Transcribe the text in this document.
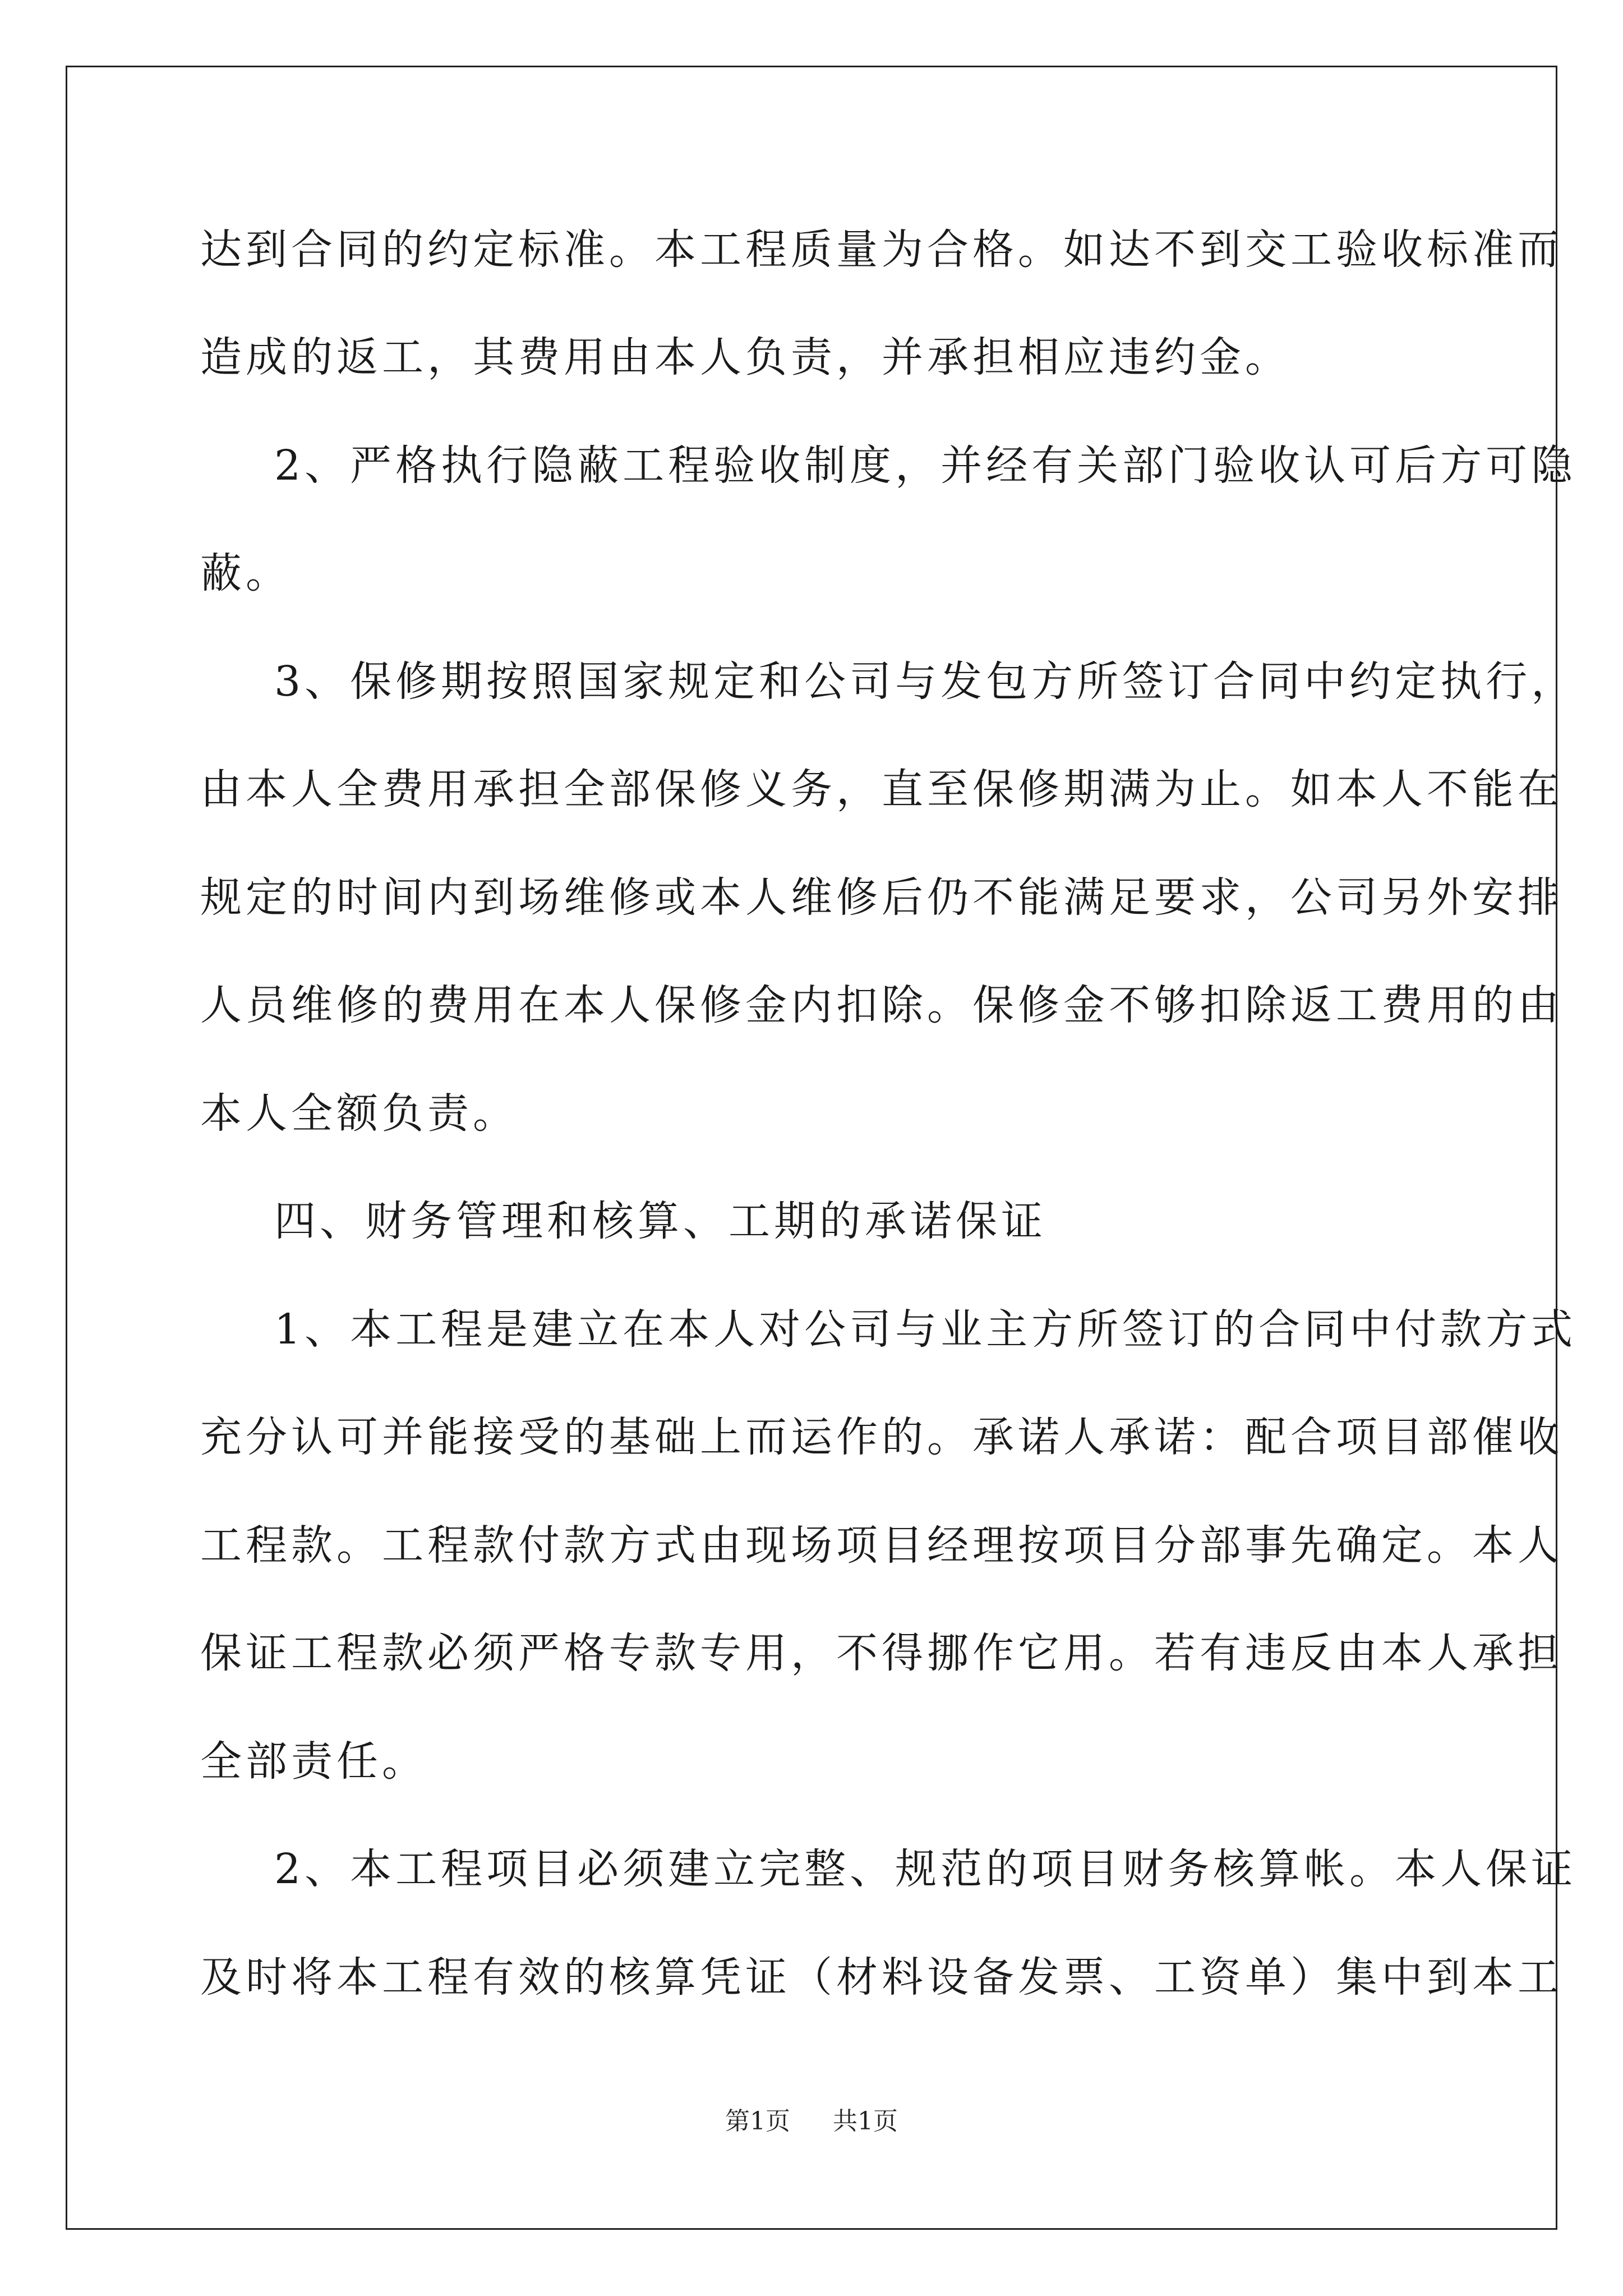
达到合同的约定标准。本工程质量为合格。如达不到交工验收标准而
造成的返工，其费用由本人负责，并承担相应违约金。
2、严格执行隐蔽工程验收制度，并经有关部门验收认可后方可隐
蔽。
3、保修期按照国家规定和公司与发包方所签订合同中约定执行，
由本人全费用承担全部保修义务，直至保修期满为止。如本人不能在
规定的时间内到场维修或本人维修后仍不能满足要求，公司另外安排
人员维修的费用在本人保修金内扣除。保修金不够扣除返工费用的由
本人全额负责。
四、财务管理和核算、工期的承诺保证
1、本工程是建立在本人对公司与业主方所签订的合同中付款方式
充分认可并能接受的基础上而运作的。承诺人承诺：配合项目部催收
工程款。工程款付款方式由现场项目经理按项目分部事先确定。本人
保证工程款必须严格专款专用，不得挪作它用。若有违反由本人承担
全部责任。
2、本工程项目必须建立完整、规范的项目财务核算帐。本人保证
及时将本工程有效的核算凭证（材料设备发票、工资单）集中到本工
第1页 共1页
